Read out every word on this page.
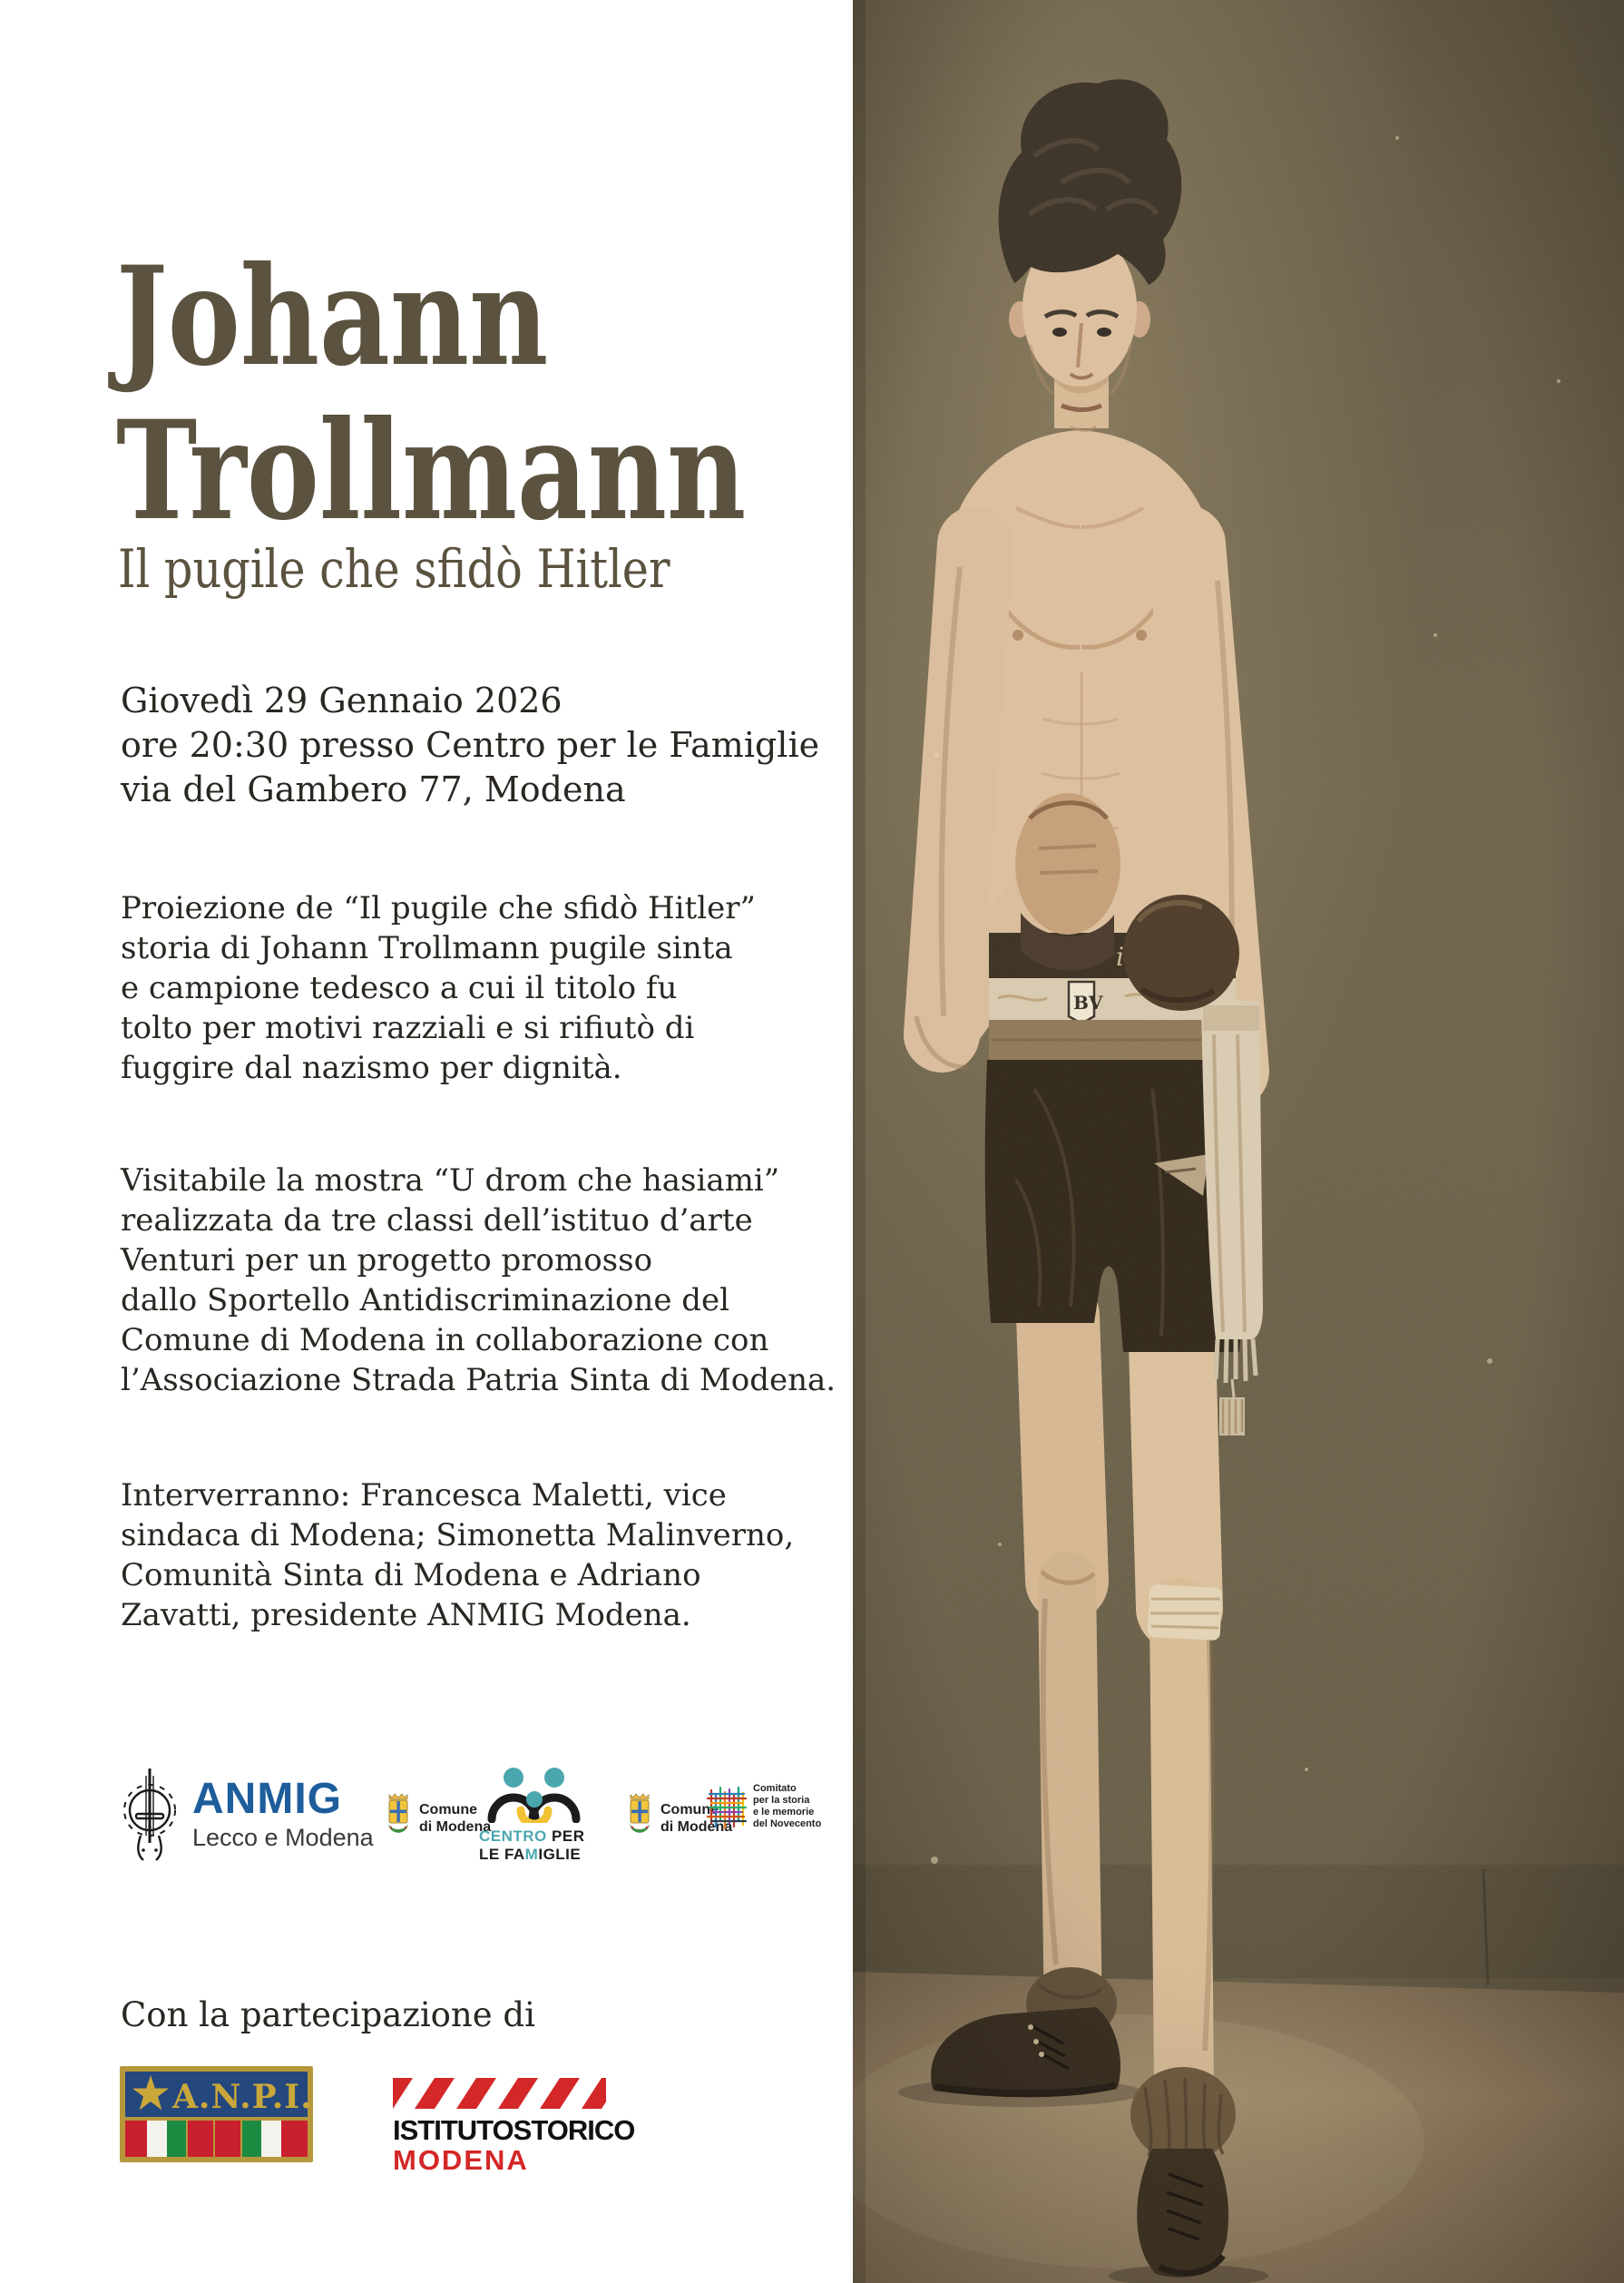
Johann
Trollmann
Il pugile che sfidò Hitler
Giovedì 29 Gennaio 2026
ore 20:30 presso Centro per le Famiglie
via del Gambero 77, Modena
Proiezione de “Il pugile che sfidò Hitler”
storia di Johann Trollmann pugile sinta
e campione tedesco a cui il titolo fu
tolto per motivi razziali e si rifiutò di
fuggire dal nazismo per dignità.
Visitabile la mostra “U drom che hasiami”
realizzata da tre classi dell’istituo d’arte
Venturi per un progetto promosso
dallo Sportello Antidiscriminazione del
Comune di Modena in collaborazione con
l’Associazione Strada Patria Sinta di Modena.
Interverranno: Francesca Maletti, vice
sindaca di Modena; Simonetta Malinverno,
Comunità Sinta di Modena e Adriano
Zavatti, presidente ANMIG Modena.
ANMIG
Lecco e Modena
Comune
di Modena
CENTRO PER
LE FAMIGLIE
Comune
di Modena
Comitato
per la storia
e le memorie
del Novecento
Con la partecipazione di
A.N.P.I.
ISTITUTOSTORICO
MODENA
